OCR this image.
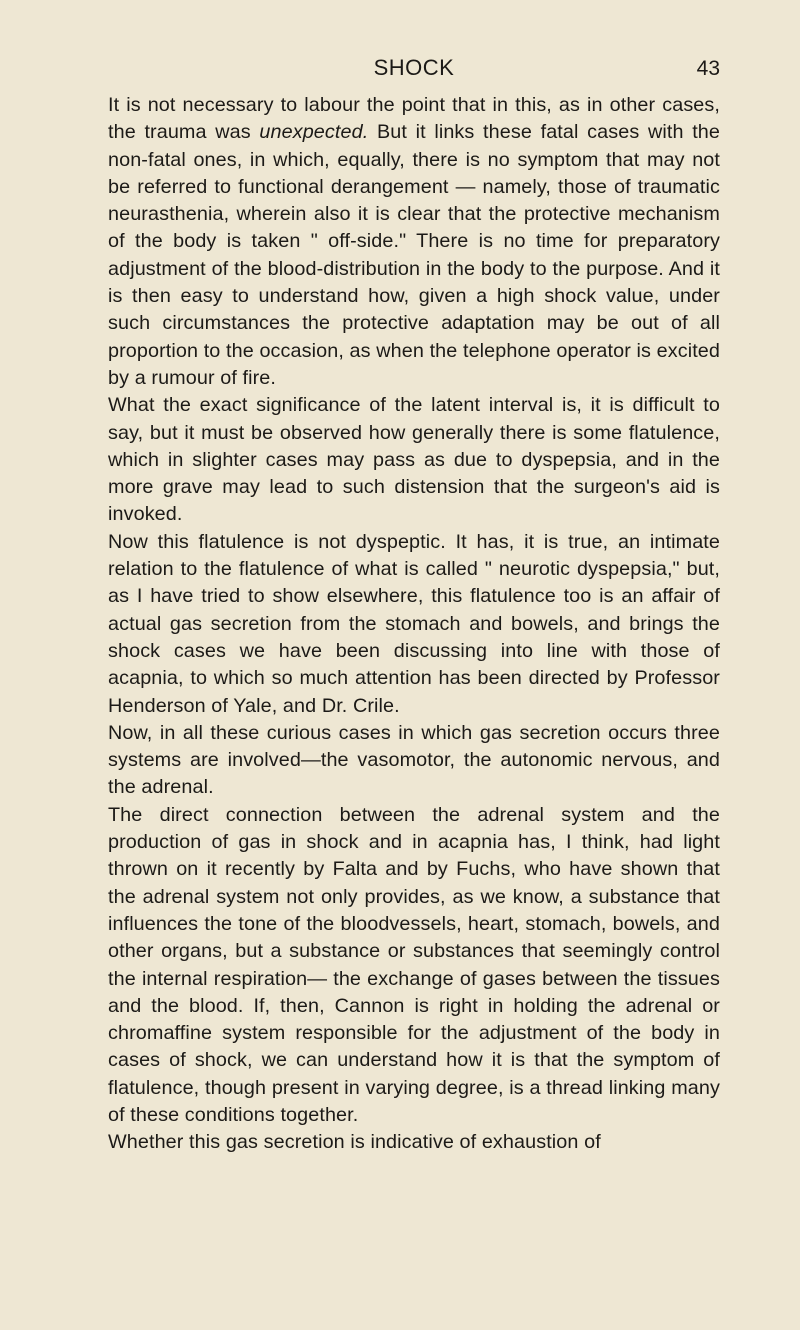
SHOCK	43

It is not necessary to labour the point that in this, as in other cases, the trauma was unexpected. But it links these fatal cases with the non-fatal ones, in which, equally, there is no symptom that may not be referred to functional derangement — namely, those of traumatic neurasthenia, wherein also it is clear that the protective mechanism of the body is taken " off-side." There is no time for preparatory adjustment of the blood-distribution in the body to the purpose. And it is then easy to understand how, given a high shock value, under such circumstances the protective adaptation may be out of all proportion to the occasion, as when the telephone operator is excited by a rumour of fire.

What the exact significance of the latent interval is, it is difficult to say, but it must be observed how generally there is some flatulence, which in slighter cases may pass as due to dyspepsia, and in the more grave may lead to such distension that the surgeon's aid is invoked.

Now this flatulence is not dyspeptic. It has, it is true, an intimate relation to the flatulence of what is called " neurotic dyspepsia," but, as I have tried to show elsewhere, this flatulence too is an affair of actual gas secretion from the stomach and bowels, and brings the shock cases we have been discussing into line with those of acapnia, to which so much attention has been directed by Professor Henderson of Yale, and Dr. Crile.

Now, in all these curious cases in which gas secretion occurs three systems are involved—the vasomotor, the autonomic nervous, and the adrenal.

The direct connection between the adrenal system and the production of gas in shock and in acapnia has, I think, had light thrown on it recently by Falta and by Fuchs, who have shown that the adrenal system not only provides, as we know, a substance that influences the tone of the bloodvessels, heart, stomach, bowels, and other organs, but a substance or substances that seemingly control the internal respiration— the exchange of gases between the tissues and the blood. If, then, Cannon is right in holding the adrenal or chromaffine system responsible for the adjustment of the body in cases of shock, we can understand how it is that the symptom of flatulence, though present in varying degree, is a thread linking many of these conditions together.

Whether this gas secretion is indicative of exhaustion of
